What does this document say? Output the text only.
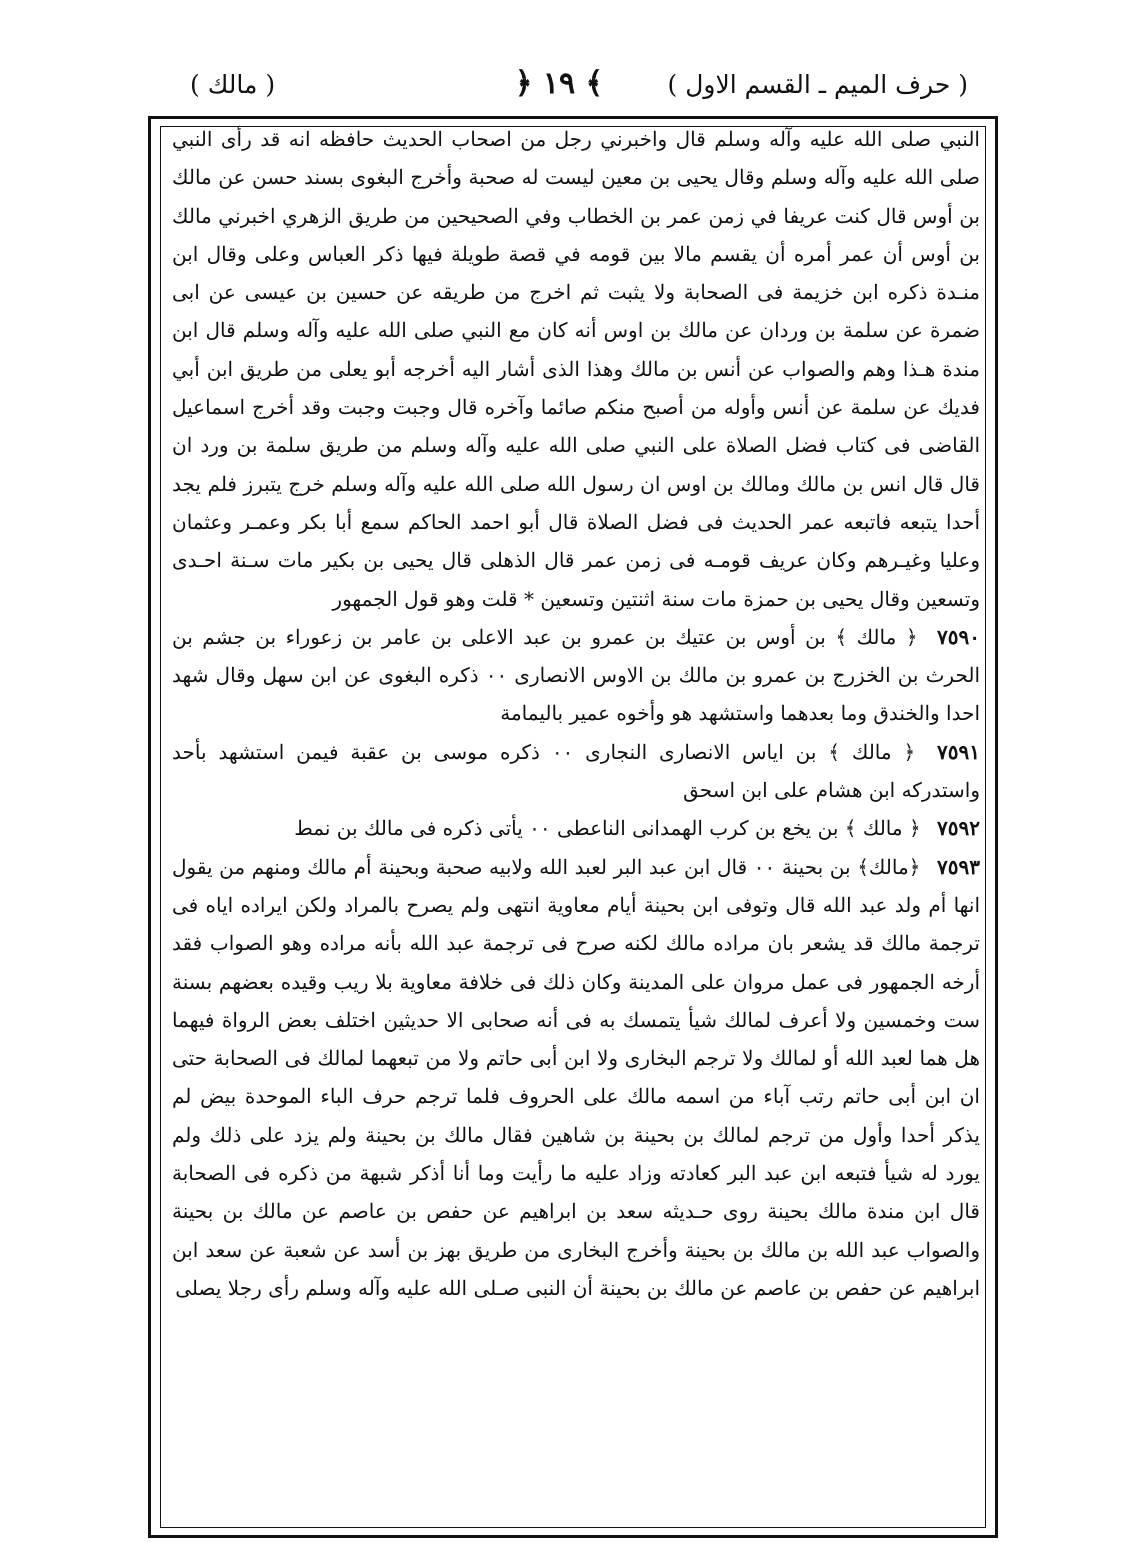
( حرف الميم ـ القسم الاول )
﴿ ١٩ ﴾
( مالك )

النبي صلى الله عليه وآله وسلم قال واخبرني رجل من اصحاب الحديث حافظه انه قد رأى النبي صلى الله عليه وآله وسلم وقال يحيى بن معين ليست له صحبة وأخرج البغوى بسند حسن عن مالك بن أوس قال كنت عريفا في زمن عمر بن الخطاب وفي الصحيحين من طريق الزهري اخبرني مالك بن أوس أن عمر أمره أن يقسم مالا بين قومه في قصة طويلة فيها ذكر العباس وعلى وقال ابن منـدة ذكره ابن خزيمة فى الصحابة ولا يثبت ثم اخرج من طريقه عن حسين بن عيسى عن ابى ضمرة عن سلمة بن وردان عن مالك بن اوس أنه كان مع النبي صلى الله عليه وآله وسلم قال ابن مندة هـذا وهم والصواب عن أنس بن مالك وهذا الذى أشار اليه أخرجه أبو يعلى من طريق ابن أبي فديك عن سلمة عن أنس وأوله من أصبح منكم صائما وآخره قال وجبت وجبت وقد أخرج اسماعيل القاضى فى كتاب فضل الصلاة على النبي صلى الله عليه وآله وسلم من طريق سلمة بن ورد ان قال قال انس بن مالك ومالك بن اوس ان رسول الله صلى الله عليه وآله وسلم خرج يتبرز فلم يجد أحدا يتبعه فاتبعه عمر الحديث فى فضل الصلاة قال أبو احمد الحاكم سمع أبا بكر وعمـر وعثمان وعليا وغيـرهم وكان عريف قومـه فى زمن عمر قال الذهلى قال يحيى بن بكير مات سـنة احـدى وتسعين وقال يحيى بن حمزة مات سنة اثنتين وتسعين * قلت وهو قول الجمهور

٧٥٩٠ ﴿ مالك ﴾ بن أوس بن عتيك بن عمرو بن عبد الاعلى بن عامر بن زعوراء بن جشم بن الحرث بن الخزرج بن عمرو بن مالك بن الاوس الانصارى ٠٠ ذكره البغوى عن ابن سهل وقال شهد احدا والخندق وما بعدهما واستشهد هو وأخوه عمير باليمامة

٧٥٩١ ﴿ مالك ﴾ بن اياس الانصارى النجارى ٠٠ ذكره موسى بن عقبة فيمن استشهد بأحد واستدركه ابن هشام على ابن اسحق

٧٥٩٢ ﴿ مالك ﴾ بن يخع بن كرب الهمدانى الناعطى ٠٠ يأتى ذكره فى مالك بن نمط

٧٥٩٣ ﴿مالك﴾ بن بحينة ٠٠ قال ابن عبد البر لعبد الله ولابيه صحبة وبحينة أم مالك ومنهم من يقول انها أم ولد عبد الله قال وتوفى ابن بحينة أيام معاوية انتهى ولم يصرح بالمراد ولكن ايراده اياه فى ترجمة مالك قد يشعر بان مراده مالك لكنه صرح فى ترجمة عبد الله بأنه مراده وهو الصواب فقد أرخه الجمهور فى عمل مروان على المدينة وكان ذلك فى خلافة معاوية بلا ريب وقيده بعضهم بسنة ست وخمسين ولا أعرف لمالك شيأ يتمسك به فى أنه صحابى الا حديثين اختلف بعض الرواة فيهما هل هما لعبد الله أو لمالك ولا ترجم البخارى ولا ابن أبى حاتم ولا من تبعهما لمالك فى الصحابة حتى ان ابن أبى حاتم رتب آباء من اسمه مالك على الحروف فلما ترجم حرف الباء الموحدة بيض لم يذكر أحدا وأول من ترجم لمالك بن بحينة بن شاهين فقال مالك بن بحينة ولم يزد على ذلك ولم يورد له شيأ فتبعه ابن عبد البر كعادته وزاد عليه ما رأيت وما أنا أذكر شبهة من ذكره فى الصحابة قال ابن مندة مالك بحينة روى حـديثه سعد بن ابراهيم عن حفص بن عاصم عن مالك بن بحينة والصواب عبد الله بن مالك بن بحينة وأخرج البخارى من طريق بهز بن أسد عن شعبة عن سعد ابن ابراهيم عن حفص بن عاصم عن مالك بن بحينة أن النبى صـلى الله عليه وآله وسلم رأى رجلا يصلى
